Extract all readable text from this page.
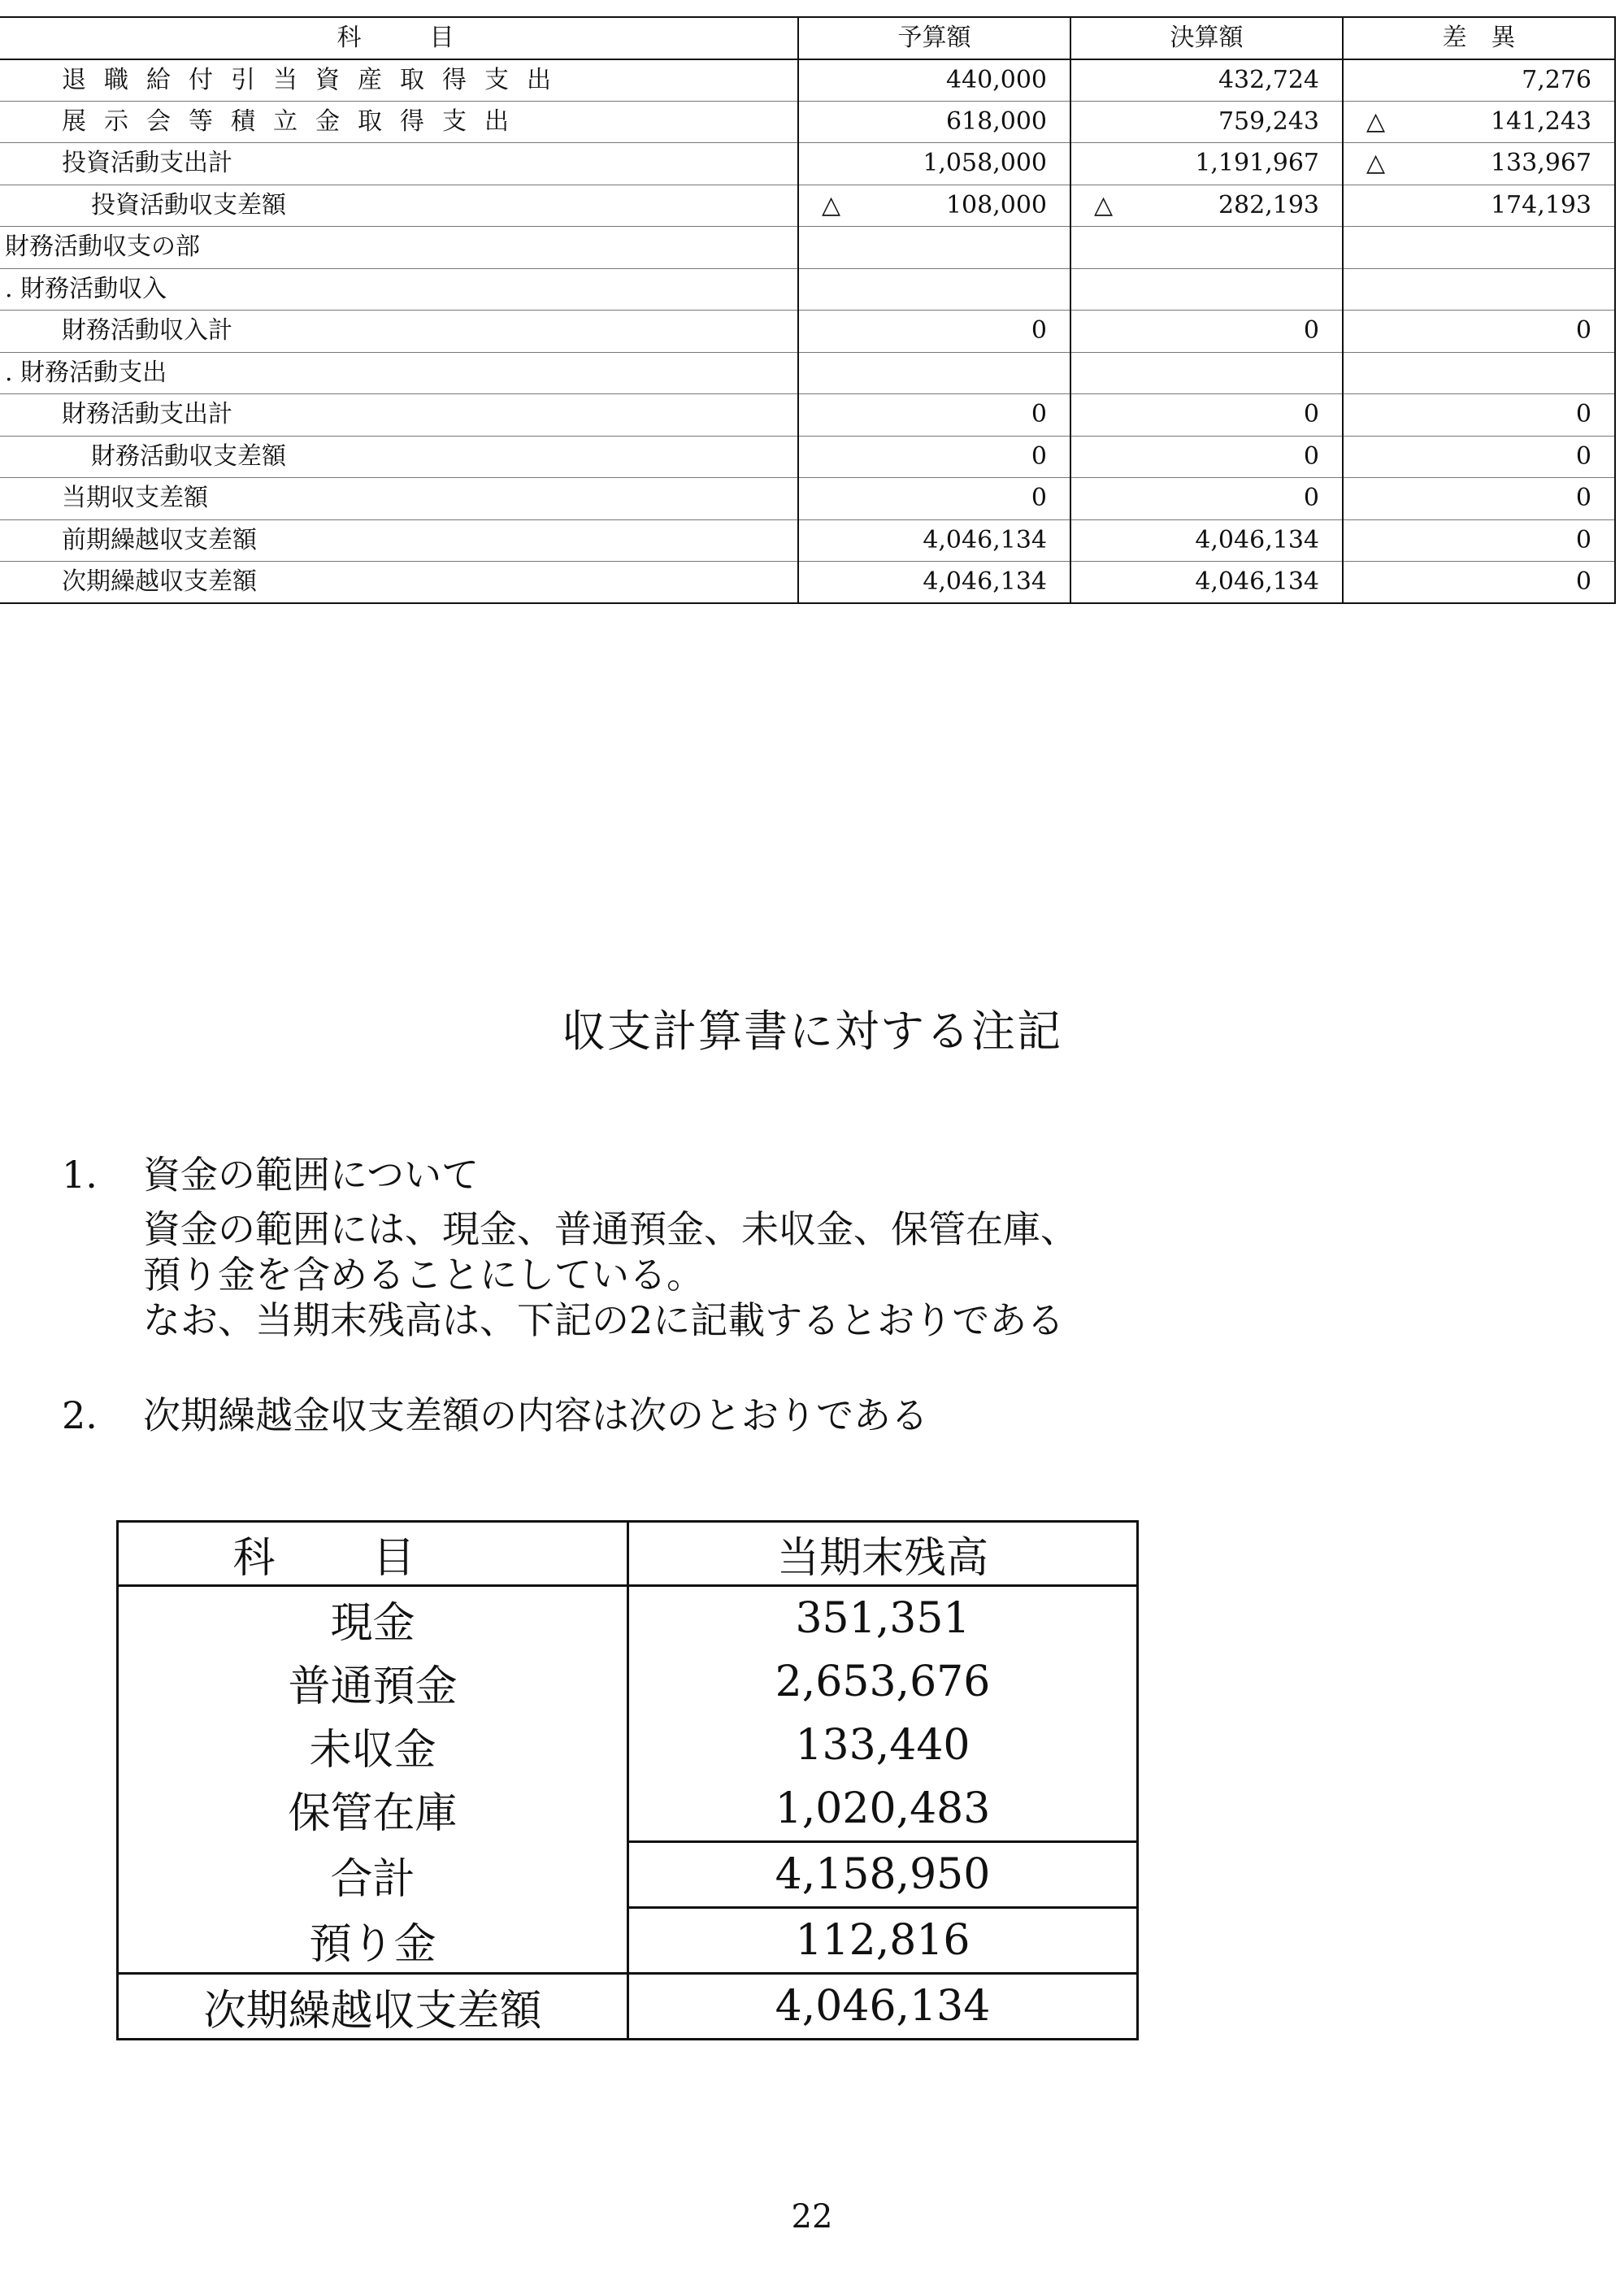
科　　目	予算額	決算額	差　異
退職給付引当資産取得支出	440,000	432,724	7,276
展示会等積立金取得支出	618,000	759,243	△ 141,243
投資活動支出計	1,058,000	1,191,967	△ 133,967
投資活動収支差額	△ 108,000	△ 282,193	174,193
財務活動収支の部	

. 財務活動収入	

財務活動収入計	0	0	0
. 財務活動支出	

財務活動支出計	0	0	0
財務活動収支差額	0	0	0
当期収支差額	0	0	0
前期繰越収支差額	4,046,134	4,046,134	0
次期繰越収支差額	4,046,134	4,046,134	0
収支計算書に対する注記
1. 資金の範囲について
資金の範囲には、現金、普通預金、未収金、保管在庫、
預り金を含めることにしている。
なお、当期末残高は、下記の2に記載するとおりである
2. 次期繰越金収支差額の内容は次のとおりである
科目	当期末残高
現金	351,351
普通預金	2,653,676
未収金	133,440
保管在庫	1,020,483
合計	4,158,950
預り金	112,816
次期繰越収支差額	4,046,134
22
